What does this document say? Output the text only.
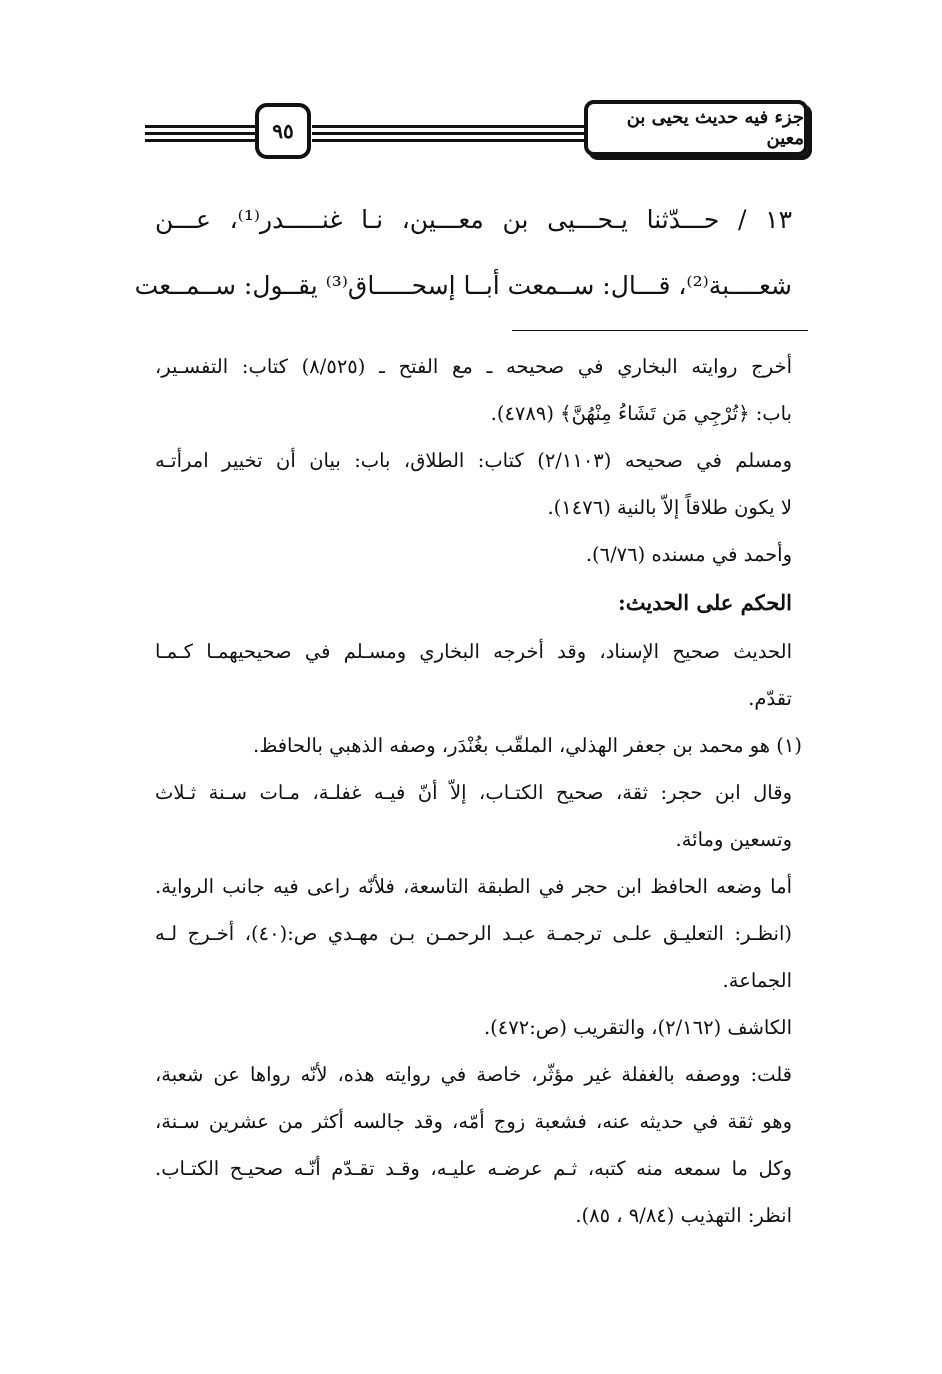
٩٥
جزء فيه حديث يحيى بن معين
١٣ / حـــدّثنا يـحـــيى بن معـــين، نـا غنـــــدر⁽¹⁾، عـــن
شعــــبة⁽²⁾، قـــال: ســمعت أبــا إسحـــــاق⁽³⁾ يقــول: ســمــعت
أخرج روايته البخاري في صحيحه ـ مع الفتح ـ (٨/٥٢٥) كتاب: التفسـير،
باب: ﴿تُرْجِي مَن تَشَاءُ مِنْهُنَّ﴾ (٤٧٨٩).
ومسلم في صحيحه (٢/١١٠٣) كتاب: الطلاق، باب: بيان أن تخيير امرأتـه
لا يكون طلاقاً إلاّ بالنية (١٤٧٦).
وأحمد في مسنده (٦/٧٦).
الحكم على الحديث:
الحديث صحيح الإسناد، وقد أخرجه البخاري ومسـلم في صحيحيهمـا كـمـا
تقدّم.
(١) هو محمد بن جعفر الهذلي، الملقّب بغُنْدَر، وصفه الذهبي بالحافظ.
وقال ابن حجر: ثقة، صحيح الكتـاب، إلاّ أنّ فيـه غفلـة، مـات سـنة ثـلاث
وتسعين ومائة.
أما وضعه الحافظ ابن حجر في الطبقة التاسعة، فلأنّه راعى فيه جانب الرواية.
(انظـر: التعليـق علـى ترجمـة عبـد الرحمـن بـن مهـدي ص:(٤٠)، أخـرج لـه
الجماعة.
الكاشف (٢/١٦٢)، والتقريب (ص:٤٧٢).
قلت: ووصفه بالغفلة غير مؤثّر، خاصة في روايته هذه، لأنّه رواها عن شعبة،
وهو ثقة في حديثه عنه، فشعبة زوج أمّه، وقد جالسه أكثر من عشرين سـنة،
وكل ما سمعه منه كتبه، ثـم عرضـه عليـه، وقـد تقـدّم أنّـه صحيـح الكتـاب.
انظر: التهذيب (٩/٨٤ ، ٨٥).
